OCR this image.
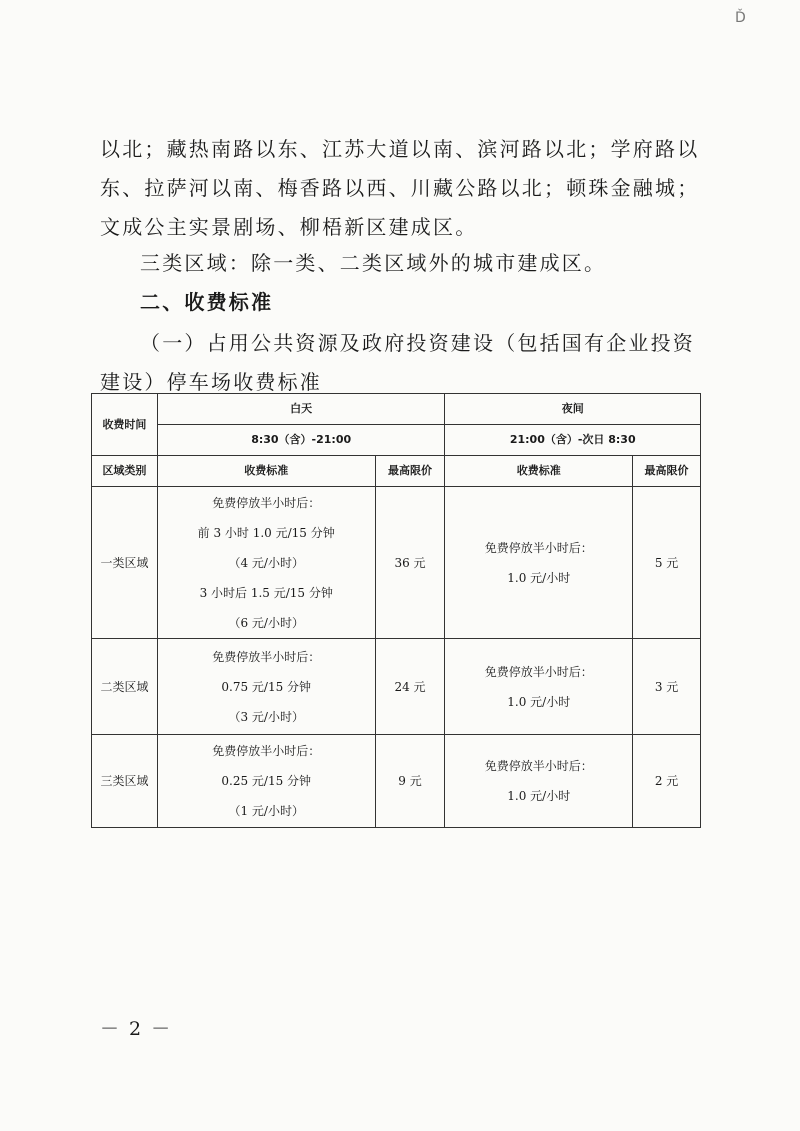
Ď

以北；藏热南路以东、江苏大道以南、滨河路以北；学府路以东、拉萨河以南、梅香路以西、川藏公路以北；顿珠金融城；文成公主实景剧场、柳梧新区建成区。

三类区域：除一类、二类区域外的城市建成区。

二、收费标准

（一）占用公共资源及政府投资建设（包括国有企业投资建设）停车场收费标准

收费时间	白天		夜间	
	8:30（含）-21:00		21:00（含）-次日 8:30	
区域类别	收费标准	最高限价	收费标准	最高限价
一类区域	免费停放半小时后：
前 3 小时 1.0 元/15 分钟
（4 元/小时）
3 小时后 1.5 元/15 分钟
（6 元/小时）	36 元	免费停放半小时后：
1.0 元/小时	5 元
二类区域	免费停放半小时后：
0.75 元/15 分钟
（3 元/小时）	24 元	免费停放半小时后：
1.0 元/小时	3 元
三类区域	免费停放半小时后：
0.25 元/15 分钟
（1 元/小时）	9 元	免费停放半小时后：
1.0 元/小时	2 元
－ 2 －
